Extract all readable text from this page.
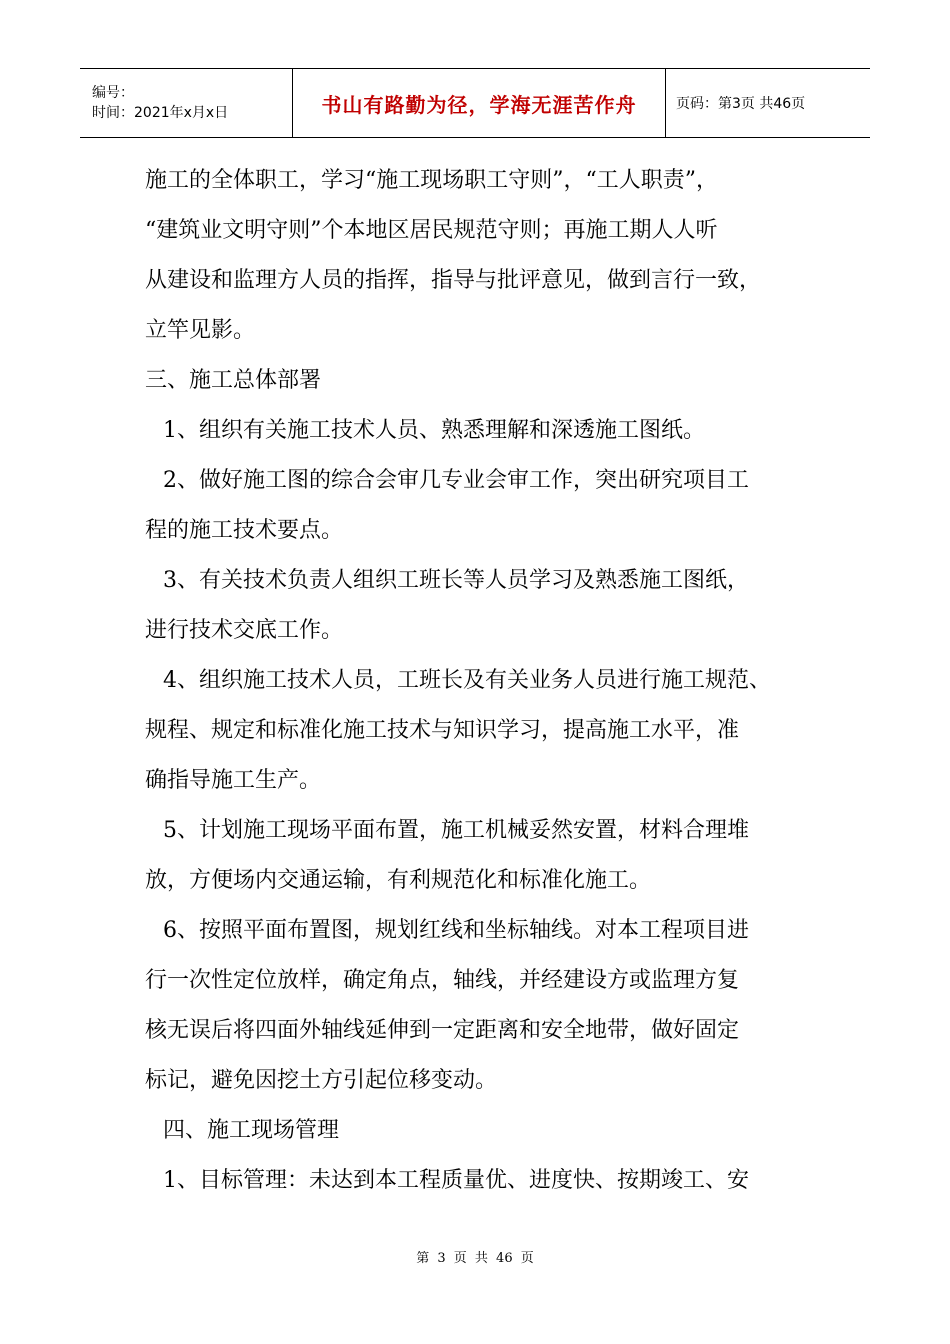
编号：
时间：2021年x月x日	书山有路勤为径，学海无涯苦作舟	页码：第3页 共46页

施工的全体职工，学习“施工现场职工守则”，“工人职责”，

“建筑业文明守则”个本地区居民规范守则；再施工期人人听

从建设和监理方人员的指挥，指导与批评意见，做到言行一致，

立竿见影。

三、施工总体部署

1、组织有关施工技术人员、熟悉理解和深透施工图纸。

2、做好施工图的综合会审几专业会审工作，突出研究项目工

程的施工技术要点。

3、有关技术负责人组织工班长等人员学习及熟悉施工图纸，

进行技术交底工作。

4、组织施工技术人员，工班长及有关业务人员进行施工规范、

规程、规定和标准化施工技术与知识学习，提高施工水平，准

确指导施工生产。

5、计划施工现场平面布置，施工机械妥然安置，材料合理堆

放，方便场内交通运输，有利规范化和标准化施工。

6、按照平面布置图，规划红线和坐标轴线。对本工程项目进

行一次性定位放样，确定角点，轴线，并经建设方或监理方复

核无误后将四面外轴线延伸到一定距离和安全地带，做好固定

标记，避免因挖土方引起位移变动。

四、施工现场管理

1、目标管理：未达到本工程质量优、进度快、按期竣工、安

第 3 页 共 46 页
